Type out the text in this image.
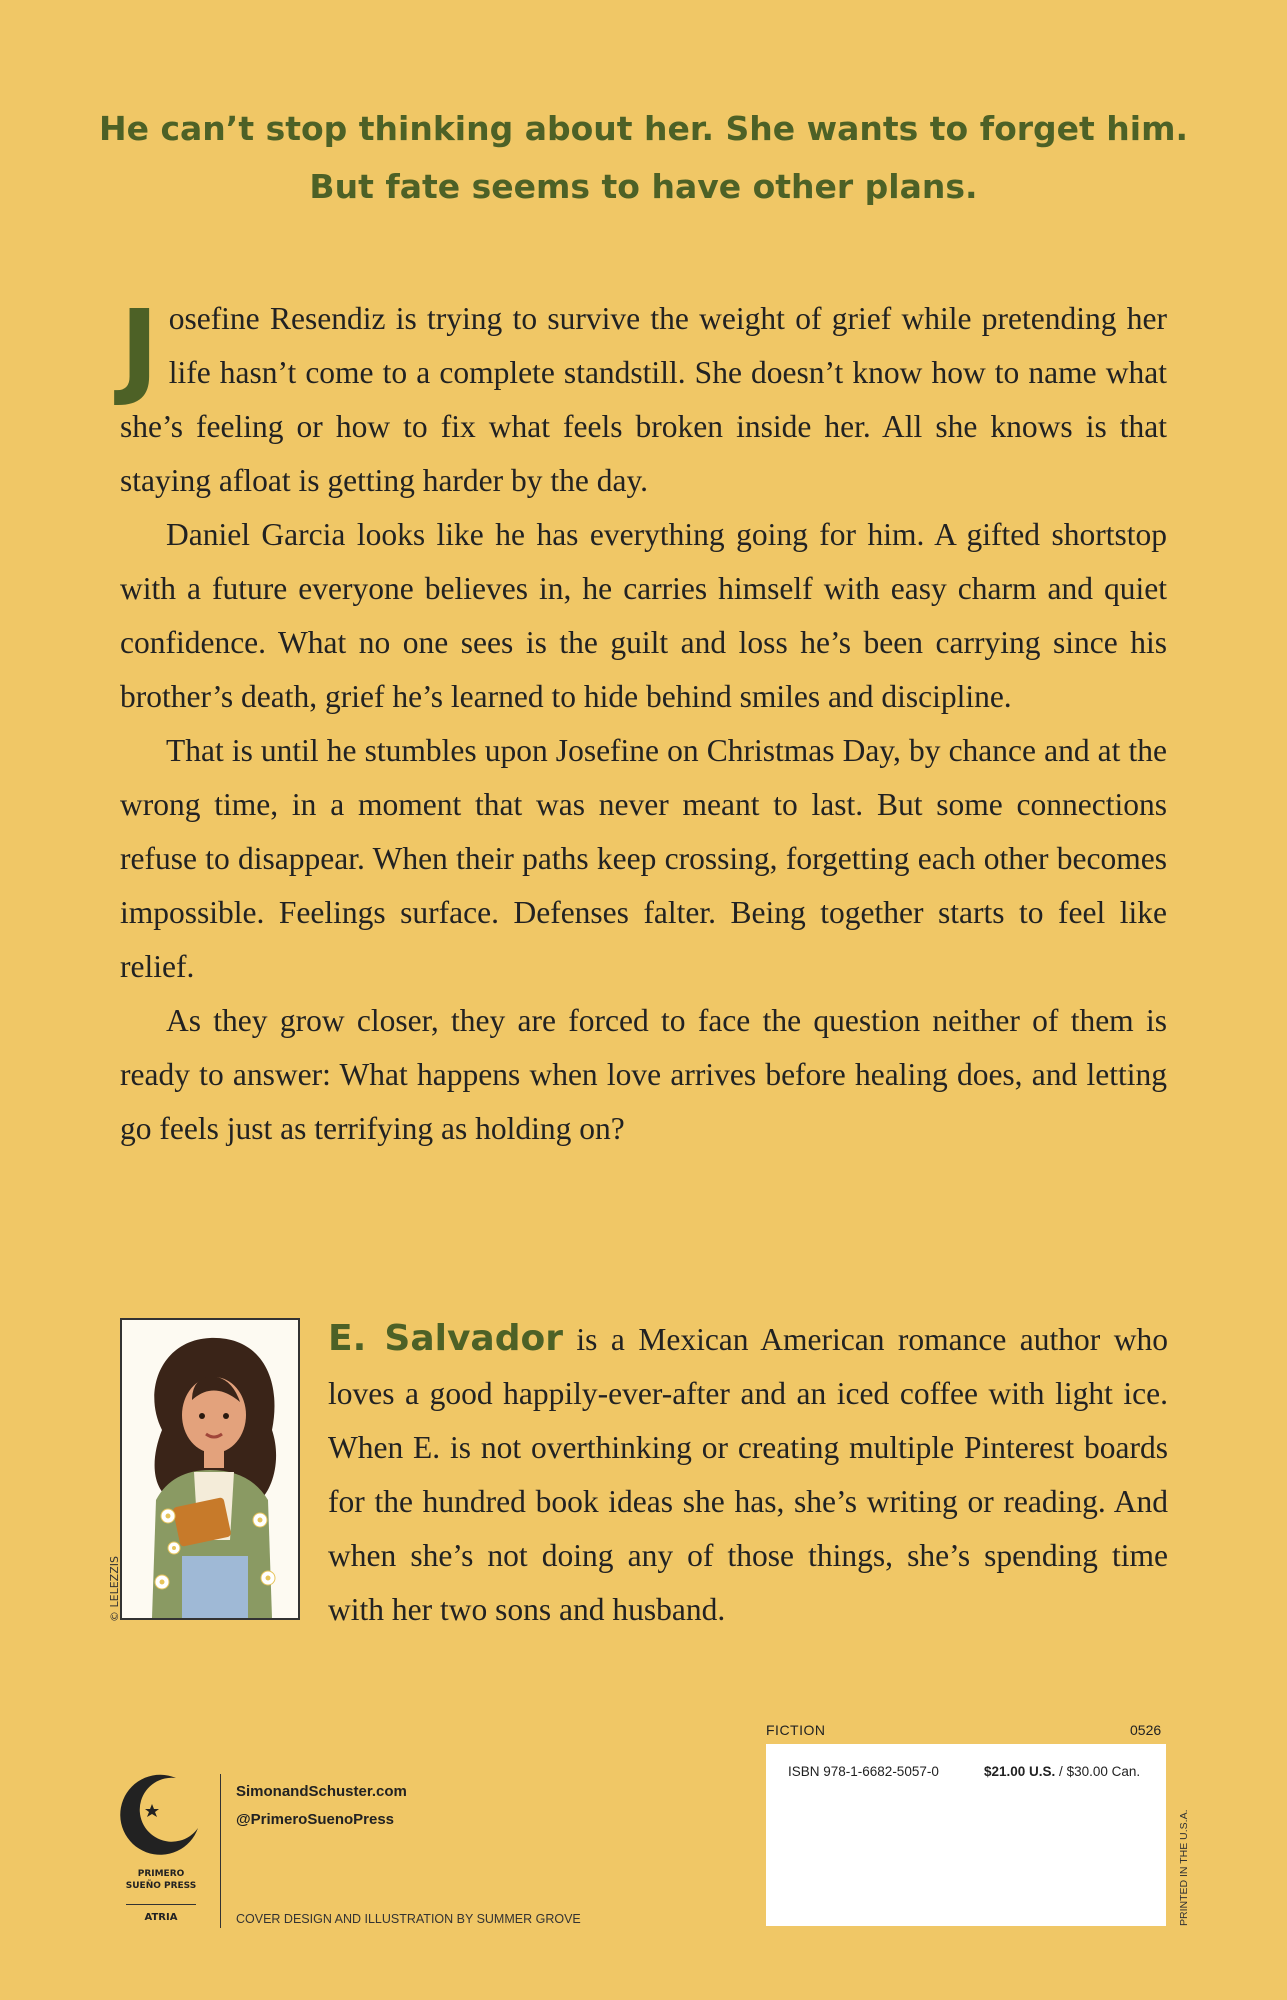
He can’t stop thinking about her. She wants to forget him.
But fate seems to have other plans.

Josefine Resendiz is trying to survive the weight of grief while pretending her life hasn’t come to a complete standstill. She doesn’t know how to name what she’s feeling or how to fix what feels broken inside her. All she knows is that staying afloat is getting harder by the day.

Daniel Garcia looks like he has everything going for him. A gifted shortstop with a future everyone believes in, he carries himself with easy charm and quiet confidence. What no one sees is the guilt and loss he’s been carrying since his brother’s death, grief he’s learned to hide behind smiles and discipline.

That is until he stumbles upon Josefine on Christmas Day, by chance and at the wrong time, in a moment that was never meant to last. But some connections refuse to disappear. When their paths keep crossing, forgetting each other becomes impossible. Feelings surface. Defenses falter. Being together starts to feel like relief.

As they grow closer, they are forced to face the question neither of them is ready to answer: What happens when love arrives before healing does, and letting go feels just as terrifying as holding on?

© LELEZZIS
E. Salvador is a Mexican American romance author who loves a good happily-ever-after and an iced coffee with light ice. When E. is not overthinking or creating multiple Pinterest boards for the hundred book ideas she has, she’s writing or reading. And when she’s not doing any of those things, she’s spending time with her two sons and husband.
PRIMERO
SUEÑO PRESS
ATRIA
SimonandSchuster.com
@PrimeroSuenoPress
COVER DESIGN AND ILLUSTRATION BY SUMMER GROVE
FICTION	0526
ISBN 978-1-6682-5057-0	$21.00 U.S. / $30.00 Can.
PRINTED IN THE U.S.A.
